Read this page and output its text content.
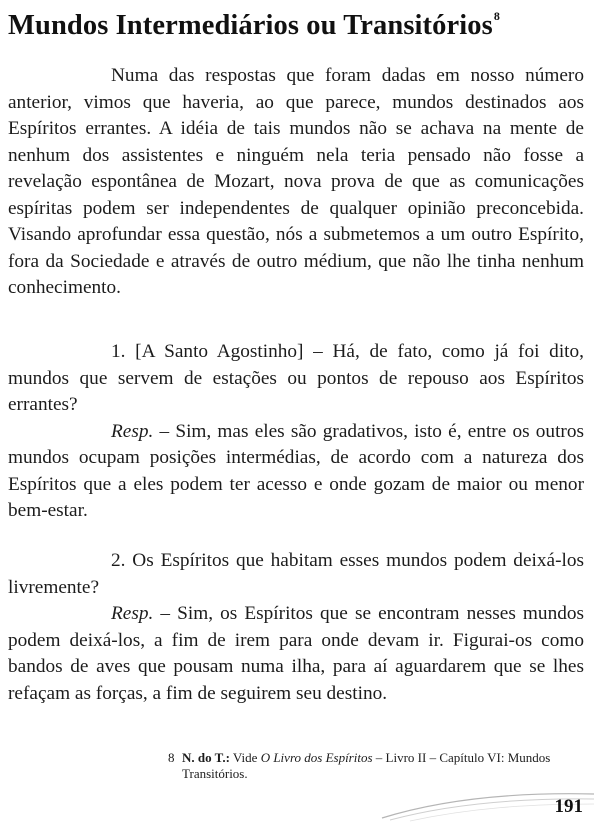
Mundos Intermediários ou Transitórios$^8$

Numa das respostas que foram dadas em nosso número anterior, vimos que haveria, ao que parece, mundos destinados aos Espíritos errantes. A idéia de tais mundos não se achava na mente de nenhum dos assistentes e ninguém nela teria pensado não fosse a revelação espontânea de Mozart, nova prova de que as comunicações espíritas podem ser independentes de qualquer opinião preconcebida. Visando aprofundar essa questão, nós a submetemos a um outro Espírito, fora da Sociedade e através de outro médium, que não lhe tinha nenhum conhecimento.

1. [A Santo Agostinho] – Há, de fato, como já foi dito, mundos que servem de estações ou pontos de repouso aos Espíritos errantes?

Resp. – Sim, mas eles são gradativos, isto é, entre os outros mundos ocupam posições intermédias, de acordo com a natureza dos Espíritos que a eles podem ter acesso e onde gozam de maior ou menor bem-estar.

2. Os Espíritos que habitam esses mundos podem deixá-los livremente?

Resp. – Sim, os Espíritos que se encontram nesses mundos podem deixá-los, a fim de irem para onde devam ir. Figurai-os como bandos de aves que pousam numa ilha, para aí aguardarem que se lhes refaçam as forças, a fim de seguirem seu destino.

8 N. do T.: Vide O Livro dos Espíritos – Livro II – Capítulo VI: Mundos Transitórios.
191
